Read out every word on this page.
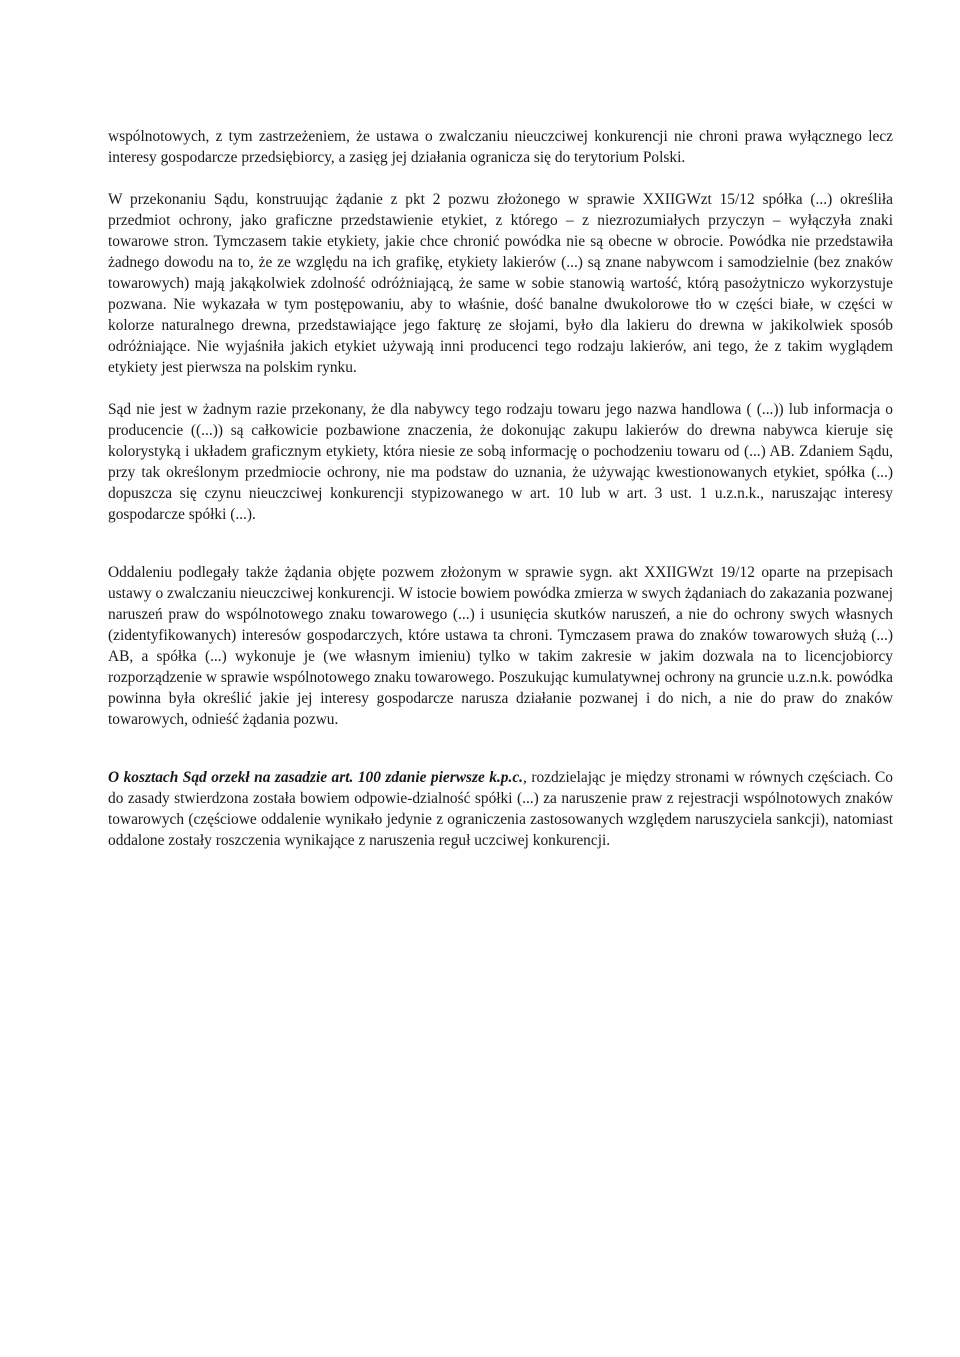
wspólnotowych, z tym zastrzeżeniem, że ustawa o zwalczaniu nieuczciwej konkurencji nie chroni prawa wyłącznego lecz interesy gospodarcze przedsiębiorcy, a zasięg jej działania ogranicza się do terytorium Polski.

W przekonaniu Sądu, konstruując żądanie z pkt 2 pozwu złożonego w sprawie XXIIGWzt 15/12 spółka (...) określiła przedmiot ochrony, jako graficzne przedstawienie etykiet, z którego – z niezrozumiałych przyczyn – wyłączyła znaki towarowe stron. Tymczasem takie etykiety, jakie chce chronić powódka nie są obecne w obrocie. Powódka nie przedstawiła żadnego dowodu na to, że ze względu na ich grafikę, etykiety lakierów (...) są znane nabywcom i samodzielnie (bez znaków towarowych) mają jakąkolwiek zdolność odróżniającą, że same w sobie stanowią wartość, którą pasożytniczo wykorzystuje pozwana. Nie wykazała w tym postępowaniu, aby to właśnie, dość banalne dwukolorowe tło w części białe, w części w kolorze naturalnego drewna, przedstawiające jego fakturę ze słojami, było dla lakieru do drewna w jakikolwiek sposób odróżniające. Nie wyjaśniła jakich etykiet używają inni producenci tego rodzaju lakierów, ani tego, że z takim wyglądem etykiety jest pierwsza na polskim rynku.

Sąd nie jest w żadnym razie przekonany, że dla nabywcy tego rodzaju towaru jego nazwa handlowa ( (...)) lub informacja o producencie ((...)) są całkowicie pozbawione znaczenia, że dokonując zakupu lakierów do drewna nabywca kieruje się kolorystyką i układem graficznym etykiety, która niesie ze sobą informację o pochodzeniu towaru od (...) AB. Zdaniem Sądu, przy tak określonym przedmiocie ochrony, nie ma podstaw do uznania, że używając kwestionowanych etykiet, spółka (...) dopuszcza się czynu nieuczciwej konkurencji stypizowanego w art. 10 lub w art. 3 ust. 1 u.z.n.k., naruszając interesy gospodarcze spółki (...).

Oddaleniu podlegały także żądania objęte pozwem złożonym w sprawie sygn. akt XXIIGWzt 19/12 oparte na przepisach ustawy o zwalczaniu nieuczciwej konkurencji. W istocie bowiem powódka zmierza w swych żądaniach do zakazania pozwanej naruszeń praw do wspólnotowego znaku towarowego (...) i usunięcia skutków naruszeń, a nie do ochrony swych własnych (zidentyfikowanych) interesów gospodarczych, które ustawa ta chroni. Tymczasem prawa do znaków towarowych służą (...) AB, a spółka (...) wykonuje je (we własnym imieniu) tylko w takim zakresie w jakim dozwala na to licencjobiorcy rozporządzenie w sprawie wspólnotowego znaku towarowego. Poszukując kumulatywnej ochrony na gruncie u.z.n.k. powódka powinna była określić jakie jej interesy gospodarcze narusza działanie pozwanej i do nich, a nie do praw do znaków towarowych, odnieść żądania pozwu.

O kosztach Sąd orzekł na zasadzie art. 100 zdanie pierwsze k.p.c., rozdzielając je między stronami w równych częściach. Co do zasady stwierdzona została bowiem odpowie-dzialność spółki (...) za naruszenie praw z rejestracji wspólnotowych znaków towarowych (częściowe oddalenie wynikało jedynie z ograniczenia zastosowanych względem naruszyciela sankcji), natomiast oddalone zostały roszczenia wynikające z naruszenia reguł uczciwej konkurencji.
